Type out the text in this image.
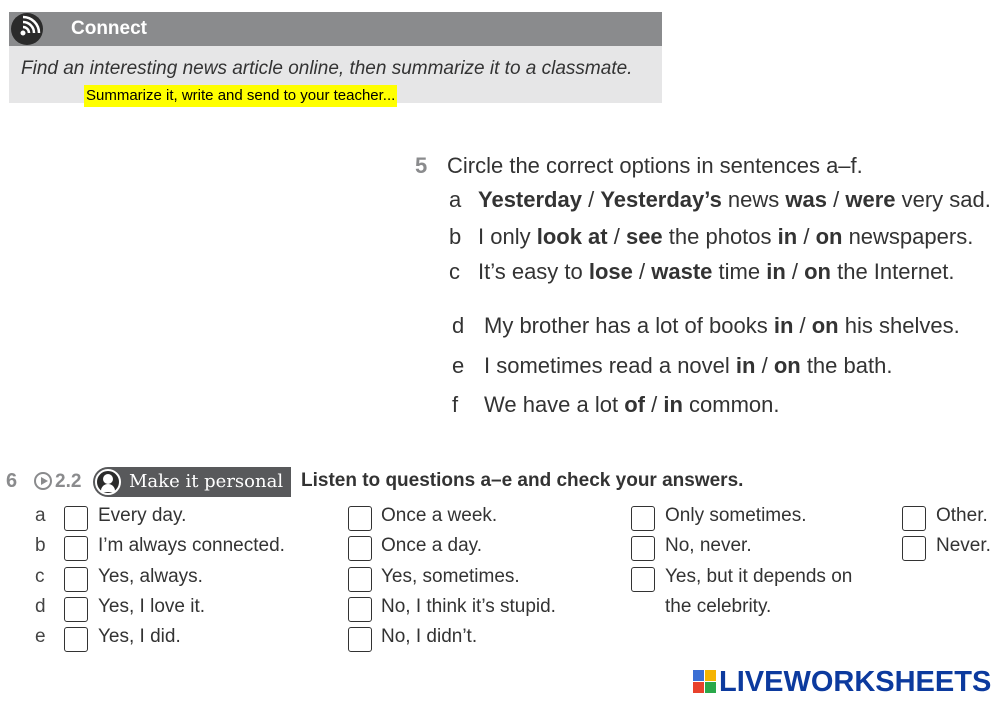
Connect
Find an interesting news article online, then summarize it to a classmate.
Summarize it, write and send to your teacher...
5 Circle the correct options in sentences a–f.
a Yesterday / Yesterday’s news was / were very sad.
b I only look at / see the photos in / on newspapers.
c It’s easy to lose / waste time in / on the Internet.
d My brother has a lot of books in / on his shelves.
e I sometimes read a novel in / on the bath.
f We have a lot of / in common.
6 2.2	Make it personal Listen to questions a–e and check your answers.
a	Every day.	Once a week.	Only sometimes.	Other.
b	I’m always connected.	Once a day.	No, never.	Never.
c	Yes, always.	Yes, sometimes.	Yes, but it depends on
d	Yes, I love it.	No, I think it’s stupid.	the celebrity.
e	Yes, I did.	No, I didn’t.
LIVEWORKSHEETS
